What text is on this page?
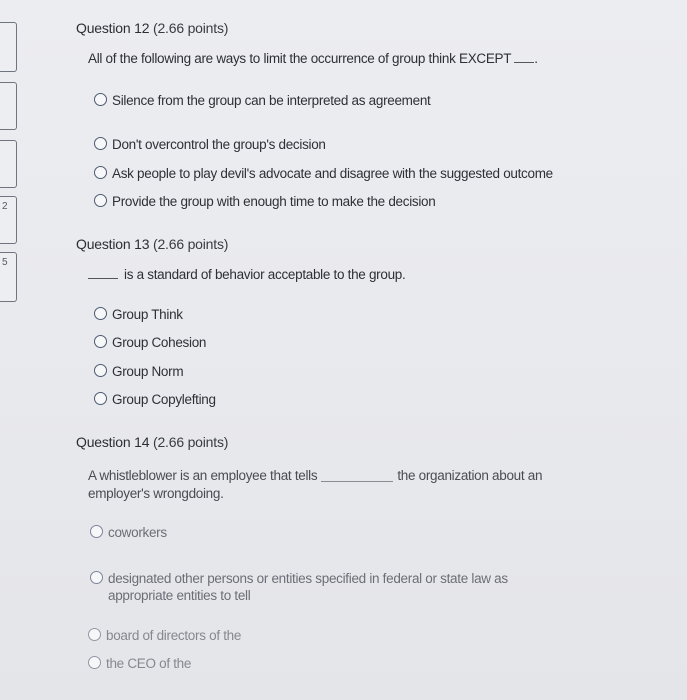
2
5
Question 12 (2.66 points)
All of the following are ways to limit the occurrence of group think EXCEPT .
Silence from the group can be interpreted as agreement
Don't overcontrol the group's decision
Ask people to play devil's advocate and disagree with the suggested outcome
Provide the group with enough time to make the decision
Question 13 (2.66 points)
is a standard of behavior acceptable to the group.
Group Think
Group Cohesion
Group Norm
Group Copylefting
Question 14 (2.66 points)
A whistleblower is an employee that tells	the organization about an
employer's wrongdoing.
coworkers
designated other persons or entities specified in federal or state law as
appropriate entities to tell
board of directors of the
the CEO of the
